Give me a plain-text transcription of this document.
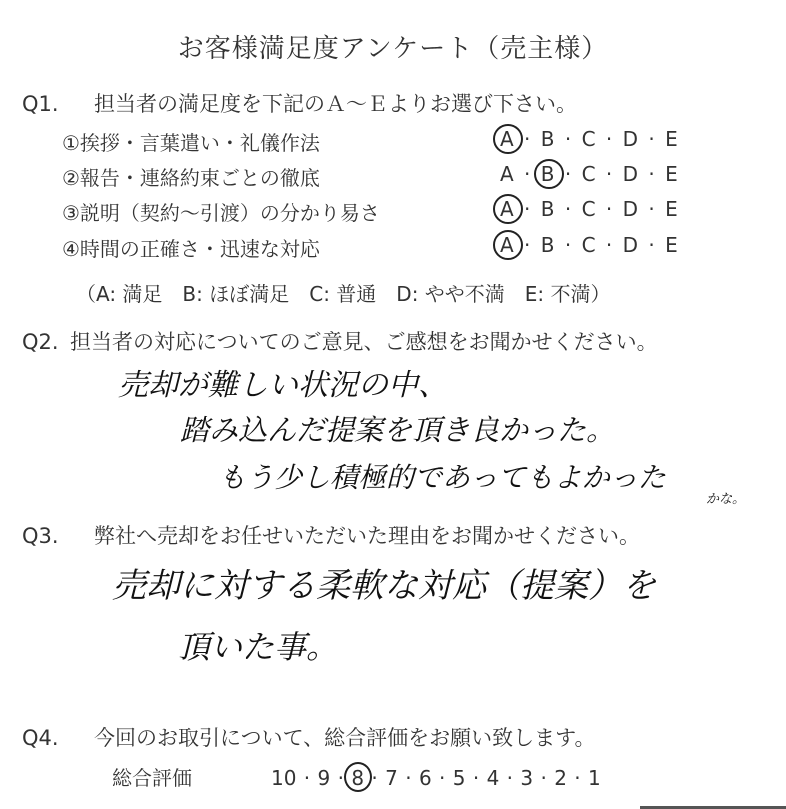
お客様満足度アンケート（売主様）
Q1. 担当者の満足度を下記のＡ～Ｅよりお選び下さい。
①挨拶・言葉遣い・礼儀作法	A · B · C · D · E
②報告・連絡約束ごとの徹底	A · B · C · D · E
③説明（契約～引渡）の分かり易さ	A · B · C · D · E
④時間の正確さ・迅速な対応	A · B · C · D · E
（A: 満足　B: ほぼ満足　C: 普通　D: やや不満　E: 不満）
Q2. 担当者の対応についてのご意見、ご感想をお聞かせください。
売却が難しい状況の中、
踏み込んだ提案を頂き良かった。
もう少し積極的であってもよかった
かな。
Q3. 弊社へ売却をお任せいただいた理由をお聞かせください。
売却に対する柔軟な対応（提案）を
頂いた事。
Q4. 今回のお取引について、総合評価をお願い致します。
総合評価	10 · 9 · 8 · 7 · 6 · 5 · 4 · 3 · 2 · 1
